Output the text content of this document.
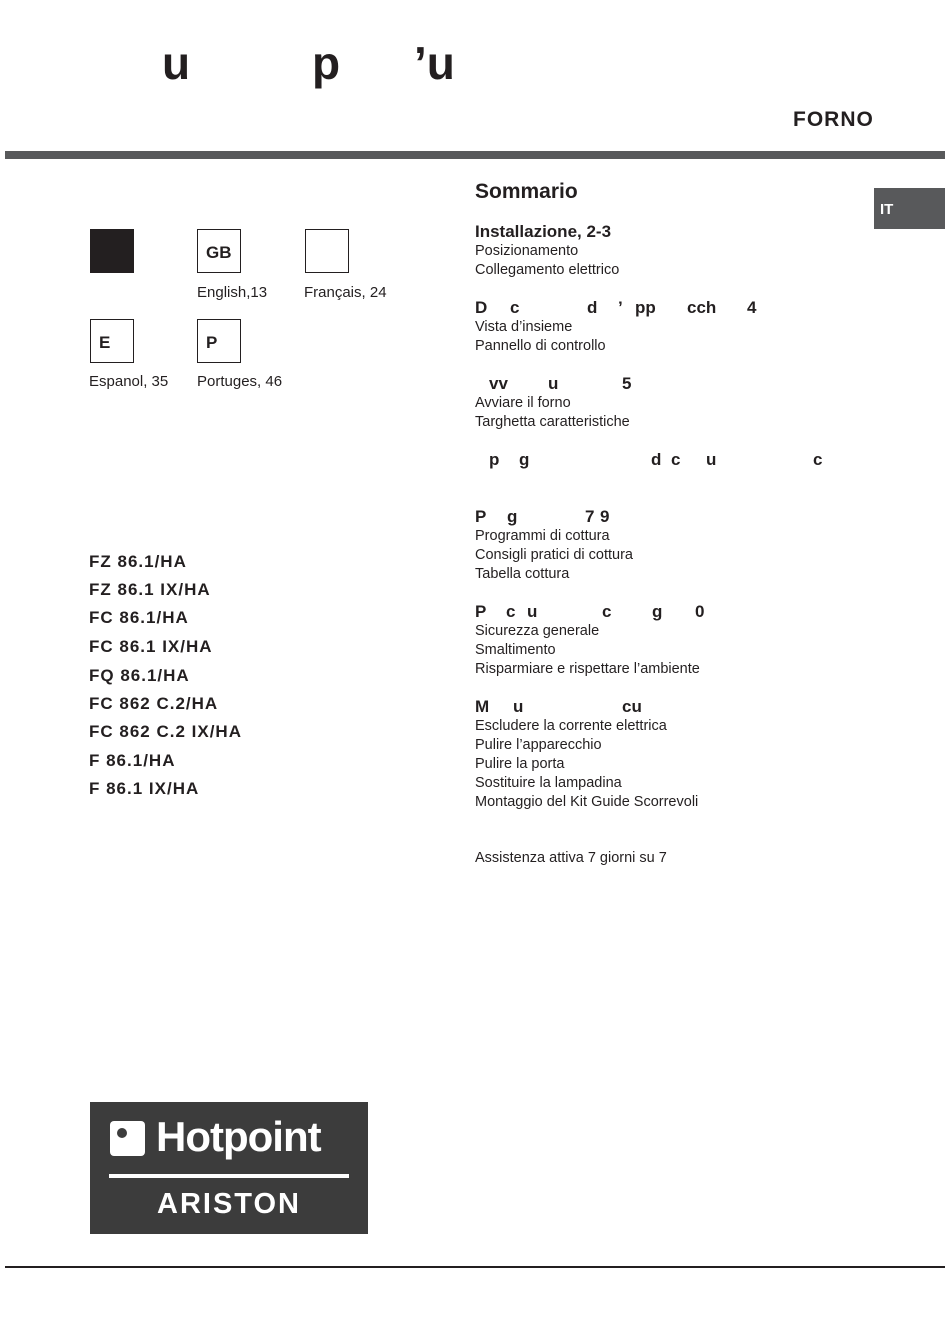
u	p ’u
FORNO
IT
GB
English,13 Français, 24
E
Espanol, 35
P
Portuges, 46
FZ 86.1/HA
FZ 86.1 IX/HA
FC 86.1/HA
FC 86.1 IX/HA
FQ 86.1/HA
FC 862 C.2/HA
FC 862 C.2 IX/HA
F 86.1/HA
F 86.1 IX/HA
Sommario
Installazione, 2-3
Posizionamento
Collegamento elettrico
D c	d ’ pp cch 4
Vista d’insieme
Pannello di controllo
vv u	5
Avviare il forno
Targhetta caratteristiche
p g	d c u	c
P g	7 9
Programmi di cottura
Consigli pratici di cottura
Tabella cottura
P c u	c g 0
Sicurezza generale
Smaltimento
Risparmiare e rispettare l’ambiente
M u	cu
Escludere la corrente elettrica
Pulire l’apparecchio
Pulire la porta
Sostituire la lampadina
Montaggio del Kit Guide Scorrevoli
Assistenza attiva 7 giorni su 7
Hotpoint
ARISTON
